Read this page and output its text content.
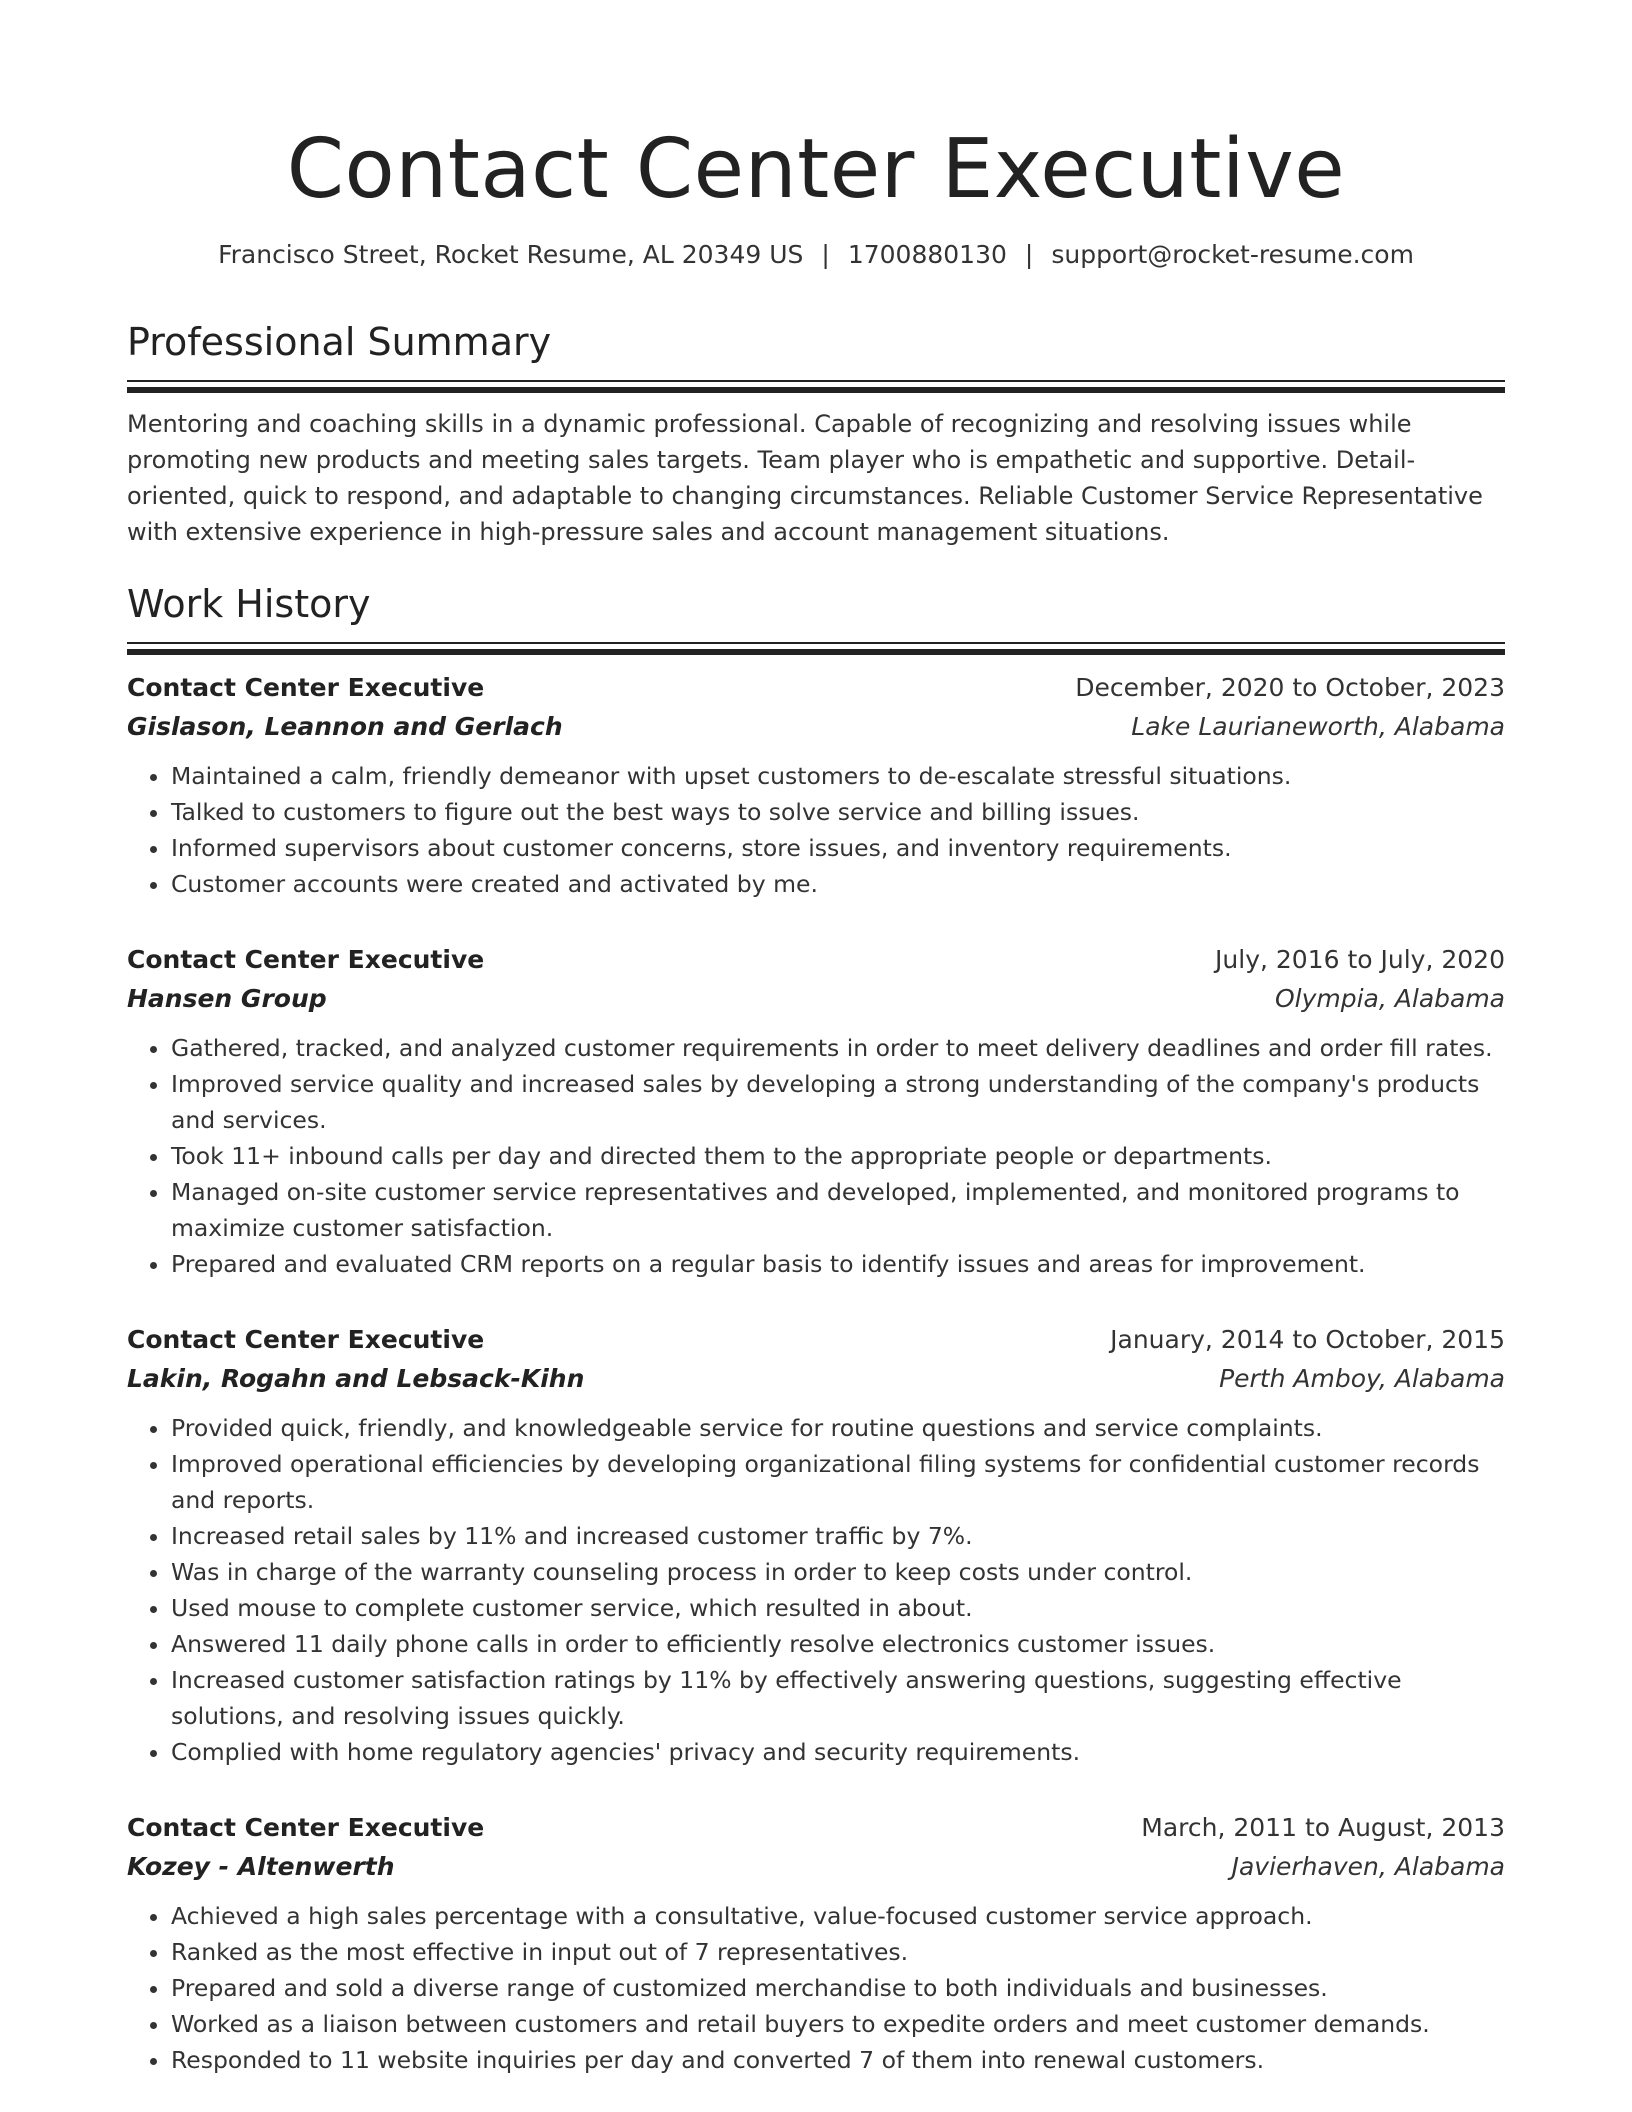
Contact Center Executive
Francisco Street, Rocket Resume, AL 20349 US | 1700880130 | support@rocket-resume.com
Professional Summary
Mentoring and coaching skills in a dynamic professional. Capable of recognizing and resolving issues while promoting new products and meeting sales targets. Team player who is empathetic and supportive. Detail-oriented, quick to respond, and adaptable to changing circumstances. Reliable Customer Service Representative with extensive experience in high-pressure sales and account management situations.
Work History
Contact Center Executive	December, 2020 to October, 2023
Gislason, Leannon and Gerlach	Lake Laurianeworth, Alabama
• Maintained a calm, friendly demeanor with upset customers to de-escalate stressful situations.
• Talked to customers to figure out the best ways to solve service and billing issues.
• Informed supervisors about customer concerns, store issues, and inventory requirements.
• Customer accounts were created and activated by me.
Contact Center Executive	July, 2016 to July, 2020
Hansen Group	Olympia, Alabama
• Gathered, tracked, and analyzed customer requirements in order to meet delivery deadlines and order fill rates.
• Improved service quality and increased sales by developing a strong understanding of the company's products and services.
• Took 11+ inbound calls per day and directed them to the appropriate people or departments.
• Managed on-site customer service representatives and developed, implemented, and monitored programs to maximize customer satisfaction.
• Prepared and evaluated CRM reports on a regular basis to identify issues and areas for improvement.
Contact Center Executive	January, 2014 to October, 2015
Lakin, Rogahn and Lebsack-Kihn	Perth Amboy, Alabama
• Provided quick, friendly, and knowledgeable service for routine questions and service complaints.
• Improved operational efficiencies by developing organizational filing systems for confidential customer records and reports.
• Increased retail sales by 11% and increased customer traffic by 7%.
• Was in charge of the warranty counseling process in order to keep costs under control.
• Used mouse to complete customer service, which resulted in about.
• Answered 11 daily phone calls in order to efficiently resolve electronics customer issues.
• Increased customer satisfaction ratings by 11% by effectively answering questions, suggesting effective solutions, and resolving issues quickly.
• Complied with home regulatory agencies' privacy and security requirements.
Contact Center Executive	March, 2011 to August, 2013
Kozey - Altenwerth	Javierhaven, Alabama
• Achieved a high sales percentage with a consultative, value-focused customer service approach.
• Ranked as the most effective in input out of 7 representatives.
• Prepared and sold a diverse range of customized merchandise to both individuals and businesses.
• Worked as a liaison between customers and retail buyers to expedite orders and meet customer demands.
• Responded to 11 website inquiries per day and converted 7 of them into renewal customers.
